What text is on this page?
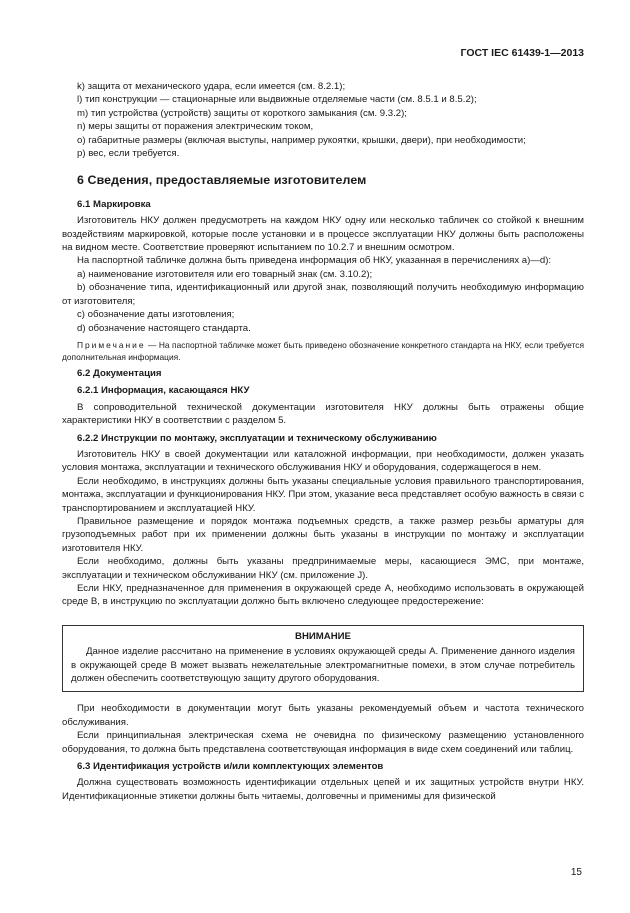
ГОСТ IEC 61439-1—2013

k) защита от механического удара, если имеется (см. 8.2.1);

l) тип конструкции — стационарные или выдвижные отделяемые части (см. 8.5.1 и 8.5.2);

m) тип устройства (устройств) защиты от короткого замыкания (см. 9.3.2);

n) меры защиты от поражения электрическим током,

o) габаритные размеры (включая выступы, например рукоятки, крышки, двери), при необходимости;

p) вес, если требуется.

6 Сведения, предоставляемые изготовителем

6.1 Маркировка

Изготовитель НКУ должен предусмотреть на каждом НКУ одну или несколько табличек со стойкой к внешним воздействиям маркировкой, которые после установки и в процессе эксплуатации НКУ должны быть расположены на видном месте. Соответствие проверяют испытанием по 10.2.7 и внешним осмотром.

На паспортной табличке должна быть приведена информация об НКУ, указанная в перечислениях a)—d):

a) наименование изготовителя или его товарный знак (см. 3.10.2);

b) обозначение типа, идентификационный или другой знак, позволяющий получить необходимую информацию от изготовителя;

c) обозначение даты изготовления;

d) обозначение настоящего стандарта.

Примечание — На паспортной табличке может быть приведено обозначение конкретного стандарта на НКУ, если требуется дополнительная информация.

6.2 Документация

6.2.1 Информация, касающаяся НКУ

В сопроводительной технической документации изготовителя НКУ должны быть отражены общие характеристики НКУ в соответствии с разделом 5.

6.2.2 Инструкции по монтажу, эксплуатации и техническому обслуживанию

Изготовитель НКУ в своей документации или каталожной информации, при необходимости, должен указать условия монтажа, эксплуатации и технического обслуживания НКУ и оборудования, содержащегося в нем.

Если необходимо, в инструкциях должны быть указаны специальные условия правильного транспортирования, монтажа, эксплуатации и функционирования НКУ. При этом, указание веса представляет особую важность в связи с транспортированием и эксплуатацией НКУ.

Правильное размещение и порядок монтажа подъемных средств, а также размер резьбы арматуры для грузоподъемных работ при их применении должны быть указаны в инструкции по монтажу и эксплуатации изготовителя НКУ.

Если необходимо, должны быть указаны предпринимаемые меры, касающиеся ЭМС, при монтаже, эксплуатации и техническом обслуживании НКУ (см. приложение J).

Если НКУ, предназначенное для применения в окружающей среде A, необходимо использовать в окружающей среде B, в инструкцию по эксплуатации должно быть включено следующее предостережение:

ВНИМАНИЕ

Данное изделие рассчитано на применение в условиях окружающей среды A. Применение данного изделия в окружающей среде B может вызвать нежелательные электромагнитные помехи, в этом случае потребитель должен обеспечить соответствующую защиту другого оборудования.

При необходимости в документации могут быть указаны рекомендуемый объем и частота технического обслуживания.

Если принципиальная электрическая схема не очевидна по физическому размещению установленного оборудования, то должна быть представлена соответствующая информация в виде схем соединений или таблиц.

6.3 Идентификация устройств и/или комплектующих элементов

Должна существовать возможность идентификации отдельных цепей и их защитных устройств внутри НКУ. Идентификационные этикетки должны быть читаемы, долговечны и применимы для физической

15
